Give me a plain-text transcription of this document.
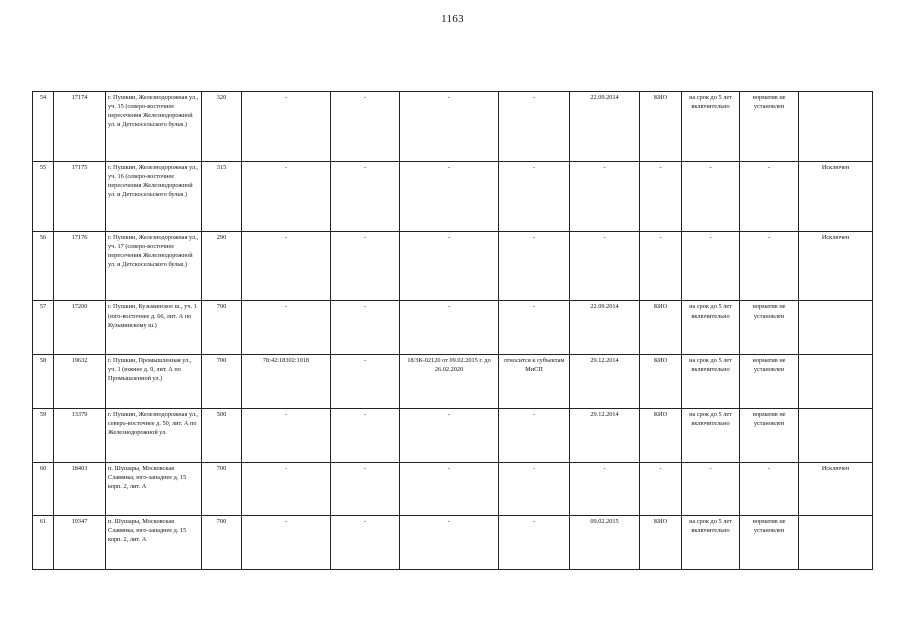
1163
54	17174	г. Пушкин, Железнодорожная ул., уч. 15 (северо-восточнее пересечения Железнодорожной ул. и Детскосельского бульв.)	320	-	-	-	-	22.09.2014	КИО	на срок до 5 лет включительно	норматив не установлен	
55	17175	г. Пушкин, Железнодорожная ул., уч. 16 (северо-восточнее пересечения Железнодорожной ул. и Детскосельского бульв.)	315	-	-	-	-	-	-	-	-	Исключен
56	17176	г. Пушкин, Железнодорожная ул., уч. 17 (северо-восточнее пересечения Железнодорожной ул. и Детскосельского бульв.)	290	-	-	-	-	-	-	-	-	Исключен
57	17200	г. Пушкин, Кузьминское ш., уч. 1 (юго-восточнее д. 66, лит. А по Кузьминскому ш.)	700	-	-	-	-	22.09.2014	КИО	на срок до 5 лет включительно	норматив не установлен	
58	19632	г. Пушкин, Промышленная ул., уч. 1 (южнее д. 9, лит. А по Промышленной ул.)	700	78:42:18302:1018	-	18/ЗК-02120 от 09.02.2015 г. до 26.02.2020	относится к субъектам МиСП	29.12.2014	КИО	на срок до 5 лет включительно	норматив не установлен	
59	13379	г. Пушкин, Железнодорожная ул., северо-восточнее д. 50, лит. А по Железнодорожной ул.	500	-	-	-	-	29.12.2014	КИО	на срок до 5 лет включительно	норматив не установлен	
60	18403	п. Шушары, Московская Славянка, юго-западнее д. 15 корп. 2, лит. А	700	-	-	-	-	-	-	-	-	Исключен
61	19347	п. Шушары, Московская Славянка, юго-западнее д. 15 корп. 2, лит. А	700	-	-	-	-	09.02.2015	КИО	на срок до 5 лет включительно	норматив не установлен	
